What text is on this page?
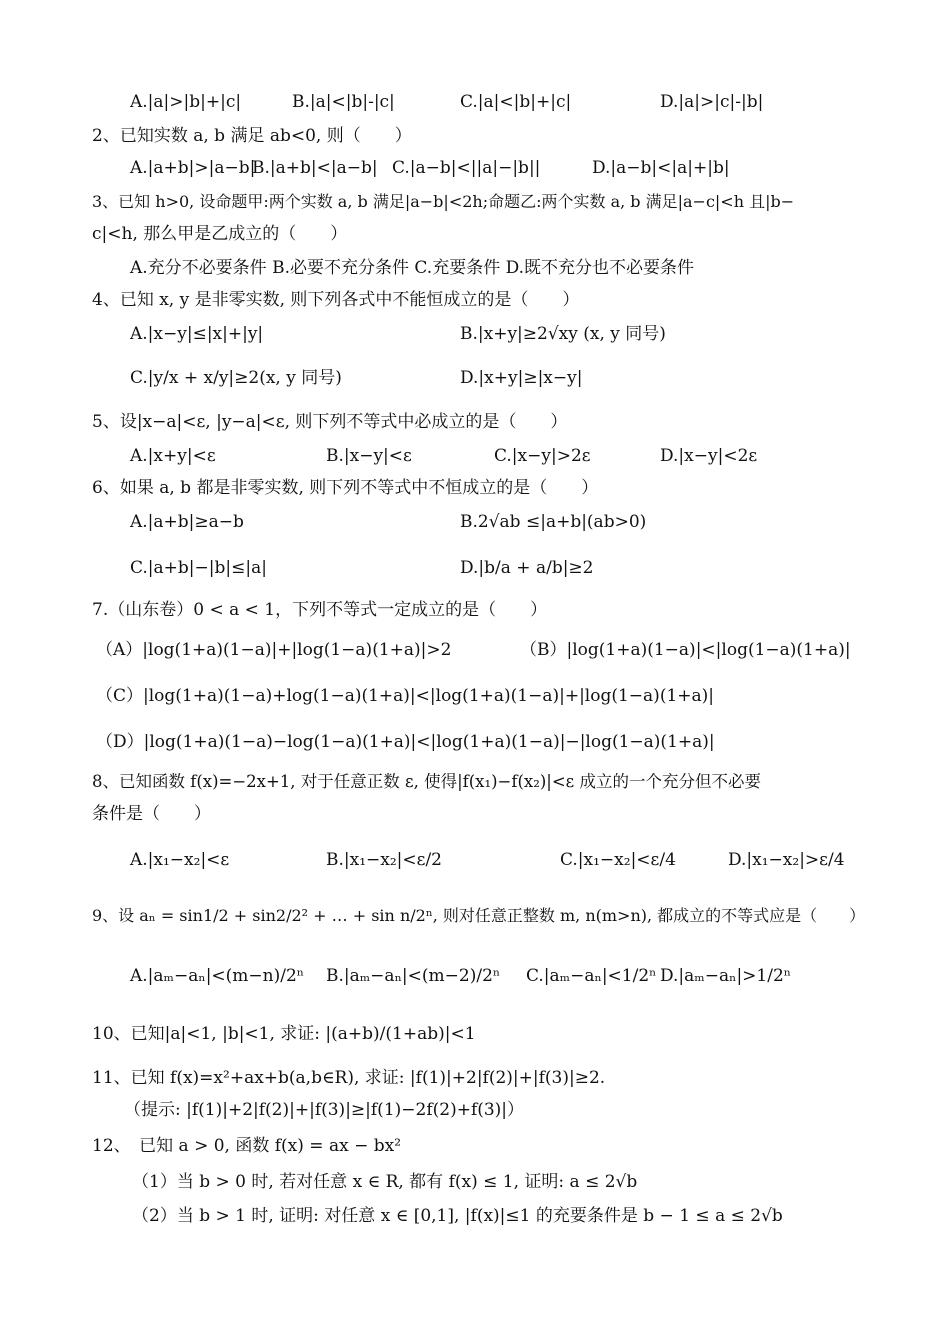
A.|a|>|b|+|c|	B.|a|<|b|-|c|	C.|a|<|b|+|c|	D.|a|>|c|-|b|
2、已知实数 a, b 满足 ab<0, 则（　　）
A.|a+b|>|a−b|
B.|a+b|<|a−b| C.|a−b|<||a|−|b||	D.|a−b|<|a|+|b|
3、已知 h>0, 设命题甲:两个实数 a, b 满足|a−b|<2h;命题乙:两个实数 a, b 满足|a−c|<h 且|b−
c|<h, 那么甲是乙成立的（　　）
A.充分不必要条件 B.必要不充分条件 C.充要条件 D.既不充分也不必要条件
4、已知 x, y 是非零实数, 则下列各式中不能恒成立的是（　　）
A.|x−y|≤|x|+|y|	B.|x+y|≥2√xy (x, y 同号)
C.|y/x + x/y|≥2(x, y 同号)	D.|x+y|≥|x−y|
5、设|x−a|<ε, |y−a|<ε, 则下列不等式中必成立的是（　　）
A.|x+y|<ε	B.|x−y|<ε	C.|x−y|>2ε	D.|x−y|<2ε
6、如果 a, b 都是非零实数, 则下列不等式中不恒成立的是（　　）
A.|a+b|≥a−b	B.2√ab ≤|a+b|(ab>0)
C.|a+b|−|b|≤|a|	D.|b/a + a/b|≥2
7.（山东卷）0 < a < 1，下列不等式一定成立的是（　　）
（A）|log(1+a)(1−a)|+|log(1−a)(1+a)|>2
（C）|log(1+a)(1−a)+log(1−a)(1+a)|<|log(1+a)(1−a)|+|log(1−a)(1+a)|
（D）|log(1+a)(1−a)−log(1−a)(1+a)|<|log(1+a)(1−a)|−|log(1−a)(1+a)|
（B）|log(1+a)(1−a)|<|log(1−a)(1+a)|
8、已知函数 f(x)=−2x+1, 对于任意正数 ε, 使得|f(x₁)−f(x₂)|<ε 成立的一个充分但不必要
条件是（　　）
A.|x₁−x₂|<ε	B.|x₁−x₂|<ε/2	C.|x₁−x₂|<ε/4	D.|x₁−x₂|>ε/4
9、设 aₙ = sin1/2 + sin2/2² + … + sin n/2ⁿ, 则对任意正整数 m, n(m>n), 都成立的不等式应是（　　）
A.|aₘ−aₙ|<(m−n)/2ⁿ B.|aₘ−aₙ|<(m−2)/2ⁿ C.|aₘ−aₙ|<1/2ⁿ D.|aₘ−aₙ|>1/2ⁿ
10、已知|a|<1, |b|<1, 求证: |(a+b)/(1+ab)|<1
11、已知 f(x)=x²+ax+b(a,b∈R), 求证: |f(1)|+2|f(2)|+|f(3)|≥2.
（提示: |f(1)|+2|f(2)|+|f(3)|≥|f(1)−2f(2)+f(3)|）
12、　已知 a > 0, 函数 f(x) = ax − bx²
（1）当 b > 0 时, 若对任意 x ∈ R, 都有 f(x) ≤ 1, 证明: a ≤ 2√b
（2）当 b > 1 时, 证明: 对任意 x ∈ [0,1], |f(x)|≤1 的充要条件是 b − 1 ≤ a ≤ 2√b
